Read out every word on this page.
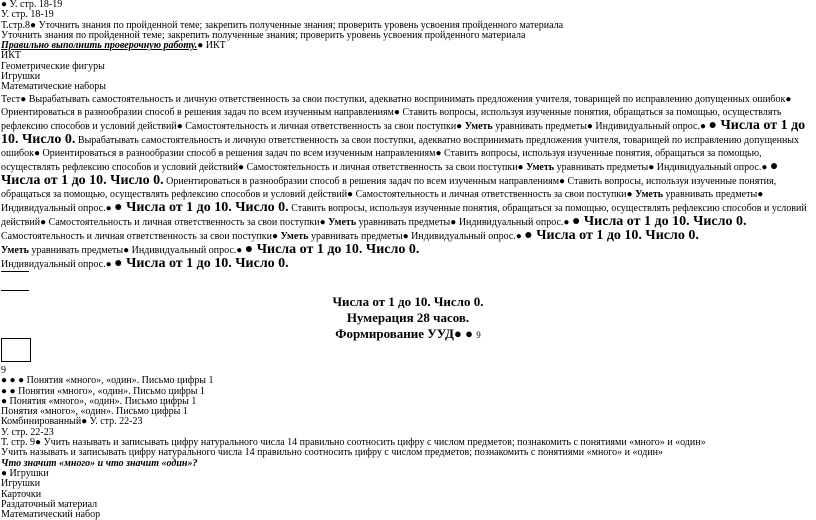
● У. стр. 18-19
У. стр. 18-19
Т.стр.8● Уточнить знания по пройденной теме; закрепить полученные знания; проверить уровень усвоения пройденного материала
Уточнить знания по пройденной теме; закрепить полученные знания; проверить уровень усвоения пройденного материала
Правильно выполнить проверочную работу.● ИКТ
ИКТ
Геометрические фигуры
Игрушки
Математические наборы
Тест● Вырабатывать самостоятельность и личную ответственность за свои поступки, адекватно воспринимать предложения учителя, товарищей по исправлению допущенных ошибок● Ориентироваться в разнообразии способ в решения задач по всем изученным направлениям● Ставить вопросы, используя изученные понятия, обращаться за помощью, осуществлять рефлексию способов и условий действий● Самостоятельность и личная ответственность за свои поступки● Уметь уравнивать предметы● Индивидуальный опрос.● ● Числа от 1 до 10. Число 0. Вырабатывать самостоятельность и личную ответственность за свои поступки, адекватно воспринимать предложения учителя, товарищей по исправлению допущенных ошибок● Ориентироваться в разнообразии способ в решения задач по всем изученным направлениям● Ставить вопросы, используя изученные понятия, обращаться за помощью, осуществлять рефлексию способов и условий действий● Самостоятельность и личная ответственность за свои поступки● Уметь уравнивать предметы● Индивидуальный опрос.● ● Числа от 1 до 10. Число 0. Ориентироваться в разнообразии способ в решения задач по всем изученным направлениям● Ставить вопросы, используя изученные понятия, обращаться за помощью, осуществлять рефлексию способов и условий действий● Самостоятельность и личная ответственность за свои поступки● Уметь уравнивать предметы● Индивидуальный опрос.● ● Числа от 1 до 10. Число 0. Ставить вопросы, используя изученные понятия, обращаться за помощью, осуществлять рефлексию способов и условий действий● Самостоятельность и личная ответственность за свои поступки● Уметь уравнивать предметы● Индивидуальный опрос.● ● Числа от 1 до 10. Число 0.
Самостоятельность и личная ответственность за свои поступки● Уметь уравнивать предметы● Индивидуальный опрос.● ● Числа от 1 до 10. Число 0.
Уметь уравнивать предметы● Индивидуальный опрос.● ● Числа от 1 до 10. Число 0.
Индивидуальный опрос.● ● Числа от 1 до 10. Число 0.
Числа от 1 до 10. Число 0.
Нумерация 28 часов.
Формирование УУД● ● 9
9
● ● ● Понятия «много», «один». Письмо цифры 1
● ● Понятия «много», «один». Письмо цифры 1
● Понятия «много», «один». Письмо цифры 1
Понятия «много», «один». Письмо цифры 1
Комбинированный● У. стр. 22-23
У. стр. 22-23
Т. стр. 9● Учить называть и записывать цифру натурального числа 14 правильно соотносить цифру с числом предметов; познакомить с понятиями «много» и «один»
Учить называть и записывать цифру натурального числа 14 правильно соотносить цифру с числом предметов; познакомить с понятиями «много» и «один»
Что значит «много» и что значит «один»?
● Игрушки
Игрушки
Карточки
Раздаточный материал
Математический набор
